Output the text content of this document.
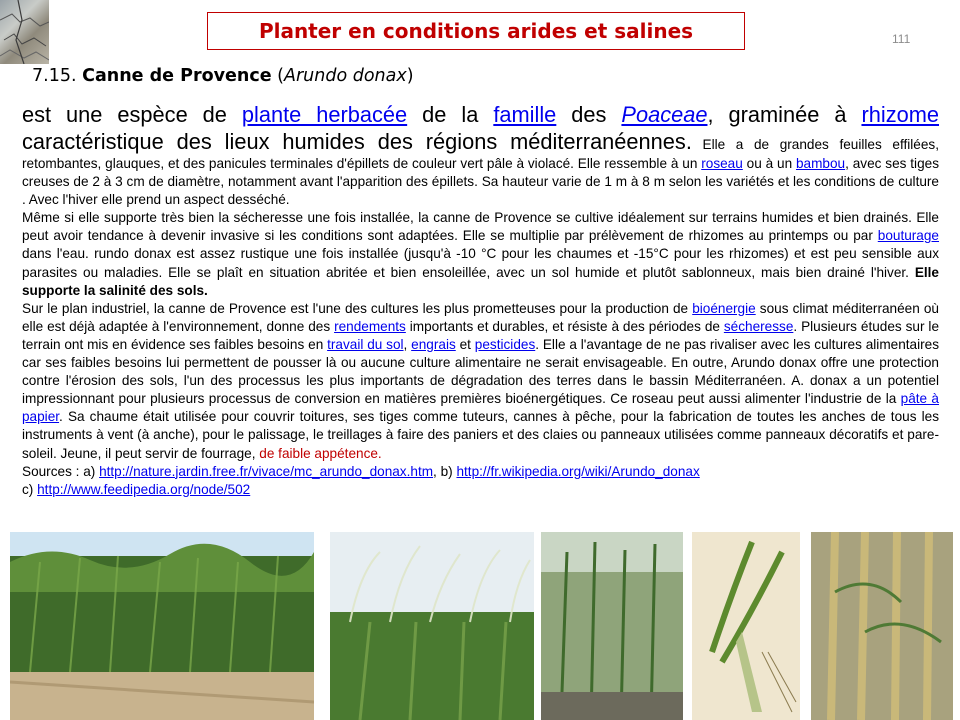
Planter en conditions arides et salines	111
7.15. Canne de Provence (Arundo donax)
est une espèce de plante herbacée de la famille des Poaceae, graminée à rhizome caractéristique des lieux humides des régions méditerranéennes. Elle a de grandes feuilles effilées, retombantes, glauques, et des panicules terminales d'épillets de couleur vert pâle à violacé. Elle ressemble à un roseau ou à un bambou, avec ses tiges creuses de 2 à 3 cm de diamètre, notamment avant l'apparition des épillets. Sa hauteur varie de 1 m à 8 m selon les variétés et les conditions de culture . Avec l'hiver elle prend un aspect desséché.
Même si elle supporte très bien la sécheresse une fois installée, la canne de Provence se cultive idéalement sur terrains humides et bien drainés. Elle peut avoir tendance à devenir invasive si les conditions sont adaptées. Elle se multiplie par prélèvement de rhizomes au printemps ou par bouturage dans l'eau. rundo donax est assez rustique une fois installée (jusqu'à -10 °C pour les chaumes et -15°C pour les rhizomes) et est peu sensible aux parasites ou maladies. Elle se plaît en situation abritée et bien ensoleillée, avec un sol humide et plutôt sablonneux, mais bien drainé l'hiver. Elle supporte la salinité des sols.
Sur le plan industriel, la canne de Provence est l'une des cultures les plus prometteuses pour la production de bioénergie sous climat méditerranéen où elle est déjà adaptée à l'environnement, donne des rendements importants et durables, et résiste à des périodes de sécheresse. Plusieurs études sur le terrain ont mis en évidence ses faibles besoins en travail du sol, engrais et pesticides. Elle a l'avantage de ne pas rivaliser avec les cultures alimentaires car ses faibles besoins lui permettent de pousser là ou aucune culture alimentaire ne serait envisageable. En outre, Arundo donax offre une protection contre l'érosion des sols, l'un des processus les plus importants de dégradation des terres dans le bassin Méditerranéen. A. donax a un potentiel impressionnant pour plusieurs processus de conversion en matières premières bioénergétiques. Ce roseau peut aussi alimenter l'industrie de la pâte à papier. Sa chaume était utilisée pour couvrir toitures, ses tiges comme tuteurs, cannes à pêche, pour la fabrication de toutes les anches de tous les instruments à vent (à anche), pour le palissage, le treillages à faire des paniers et des claies ou panneaux utilisées comme panneaux décoratifs et pare-soleil. Jeune, il peut servir de fourrage, de faible appétence.
Sources : a) http://nature.jardin.free.fr/vivace/mc_arundo_donax.htm, b) http://fr.wikipedia.org/wiki/Arundo_donax
c) http://www.feedipedia.org/node/502
